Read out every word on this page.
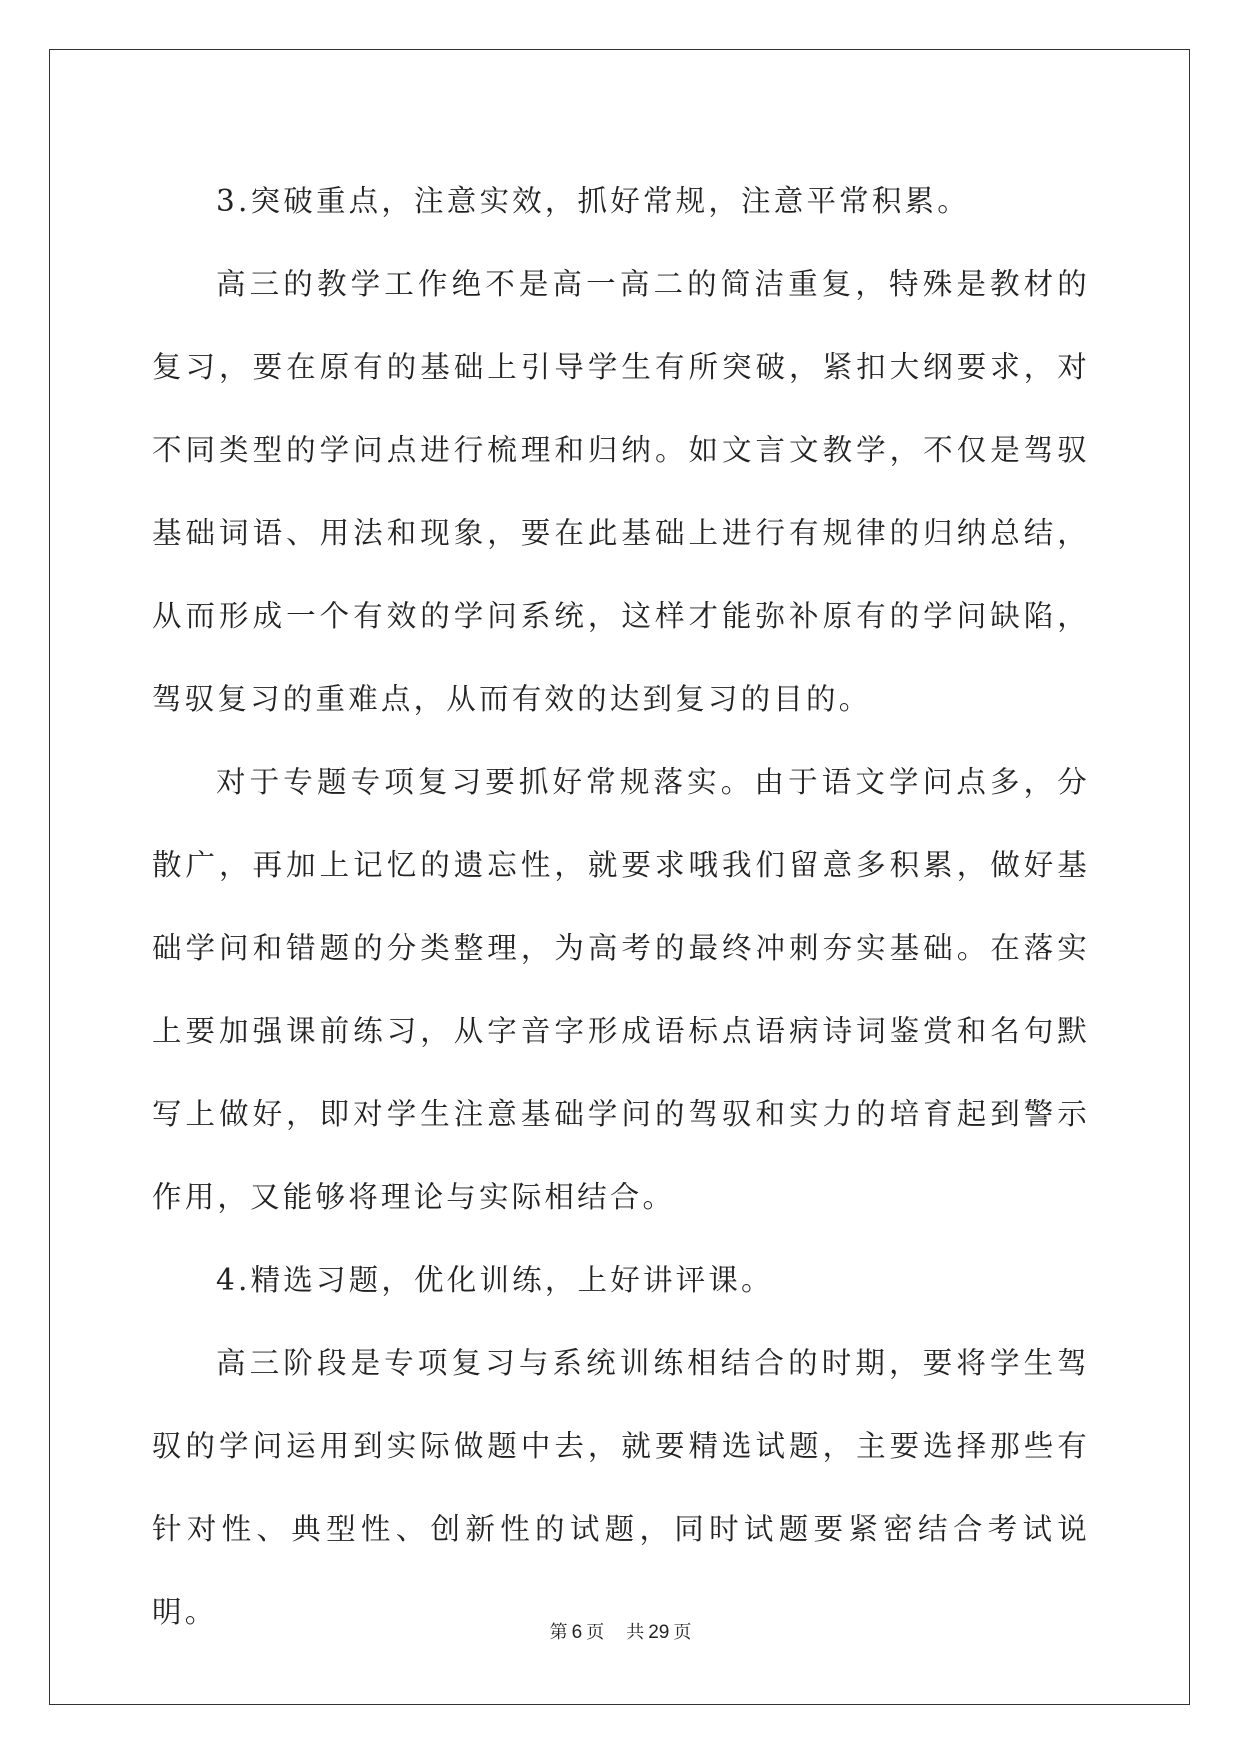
3.突破重点，注意实效，抓好常规，注意平常积累。

高三的教学工作绝不是高一高二的简洁重复，特殊是教材的复习，要在原有的基础上引导学生有所突破，紧扣大纲要求，对不同类型的学问点进行梳理和归纳。如文言文教学，不仅是驾驭基础词语、用法和现象，要在此基础上进行有规律的归纳总结，从而形成一个有效的学问系统，这样才能弥补原有的学问缺陷，驾驭复习的重难点，从而有效的达到复习的目的。

对于专题专项复习要抓好常规落实。由于语文学问点多，分散广，再加上记忆的遗忘性，就要求哦我们留意多积累，做好基础学问和错题的分类整理，为高考的最终冲刺夯实基础。在落实上要加强课前练习，从字音字形成语标点语病诗词鉴赏和名句默写上做好，即对学生注意基础学问的驾驭和实力的培育起到警示作用，又能够将理论与实际相结合。

4.精选习题，优化训练，上好讲评课。

高三阶段是专项复习与系统训练相结合的时期，要将学生驾驭的学问运用到实际做题中去，就要精选试题，主要选择那些有针对性、典型性、创新性的试题，同时试题要紧密结合考试说明。

第 6 页 共 29 页
